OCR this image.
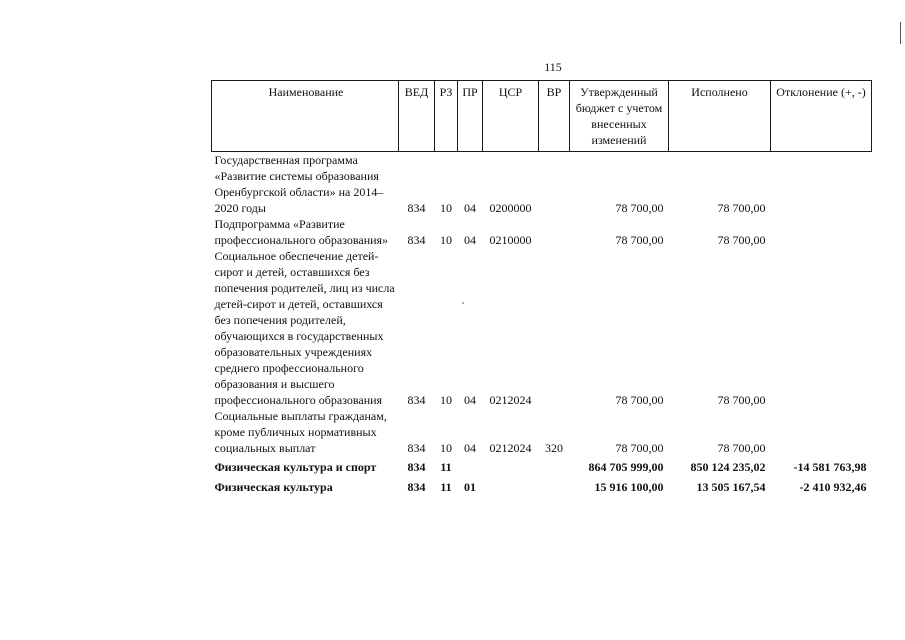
115
Наименование	ВЕД	РЗ	ПР	ЦСР	ВР	Утвержденный бюджет с учетом внесенных изменений	Исполнено	Отклонение (+, -)
Государственная программа «Развитие системы образования Оренбургской области» на 2014–2020 годы	834	10	04	0200000		78 700,00	78 700,00	
Подпрограмма «Развитие профессионального образования»	834	10	04	0210000		78 700,00	78 700,00	
Социальное обеспечение детей-сирот и детей, оставшихся без попечения родителей, лиц из числа детей-сирот и детей, оставшихся без попечения родителей, обучающихся в государственных образовательных учреждениях среднего профессионального образования и высшего профессионального образования	834	10	04	0212024		78 700,00	78 700,00	
Социальные выплаты гражданам, кроме публичных нормативных социальных выплат	834	10	04	0212024	320	78 700,00	78 700,00	
Физическая культура и спорт	834	11				864 705 999,00	850 124 235,02	-14 581 763,98
Физическая культура	834	11	01			15 916 100,00	13 505 167,54	-2 410 932,46
